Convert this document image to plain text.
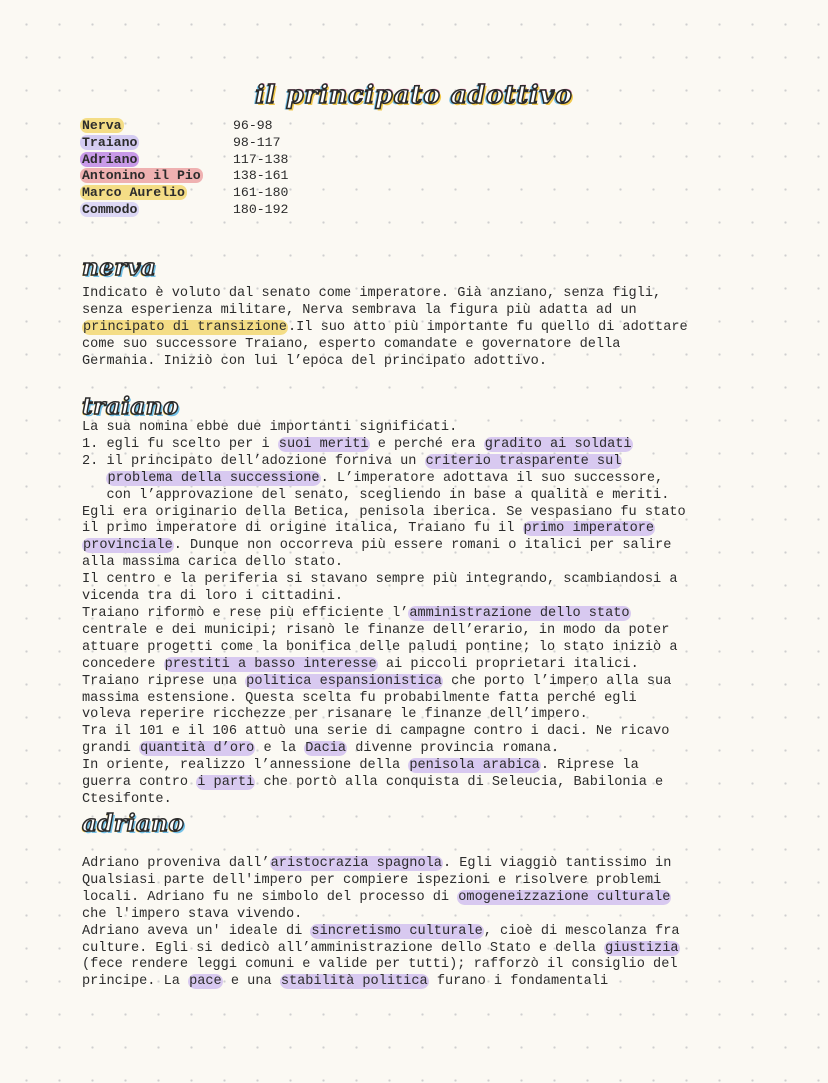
il principato adottivo
Nerva	96-98
Traiano	98-117
Adriano	117-138
Antonino il Pio	138-161
Marco Aurelio	161-180
Commodo	180-192
nerva
Indicato è voluto dal senato come imperatore. Già anziano, senza figli,
senza esperienza militare, Nerva sembrava la figura più adatta ad un
principato di transizione.Il suo atto più importante fu quello di adottare
come suo successore Traiano, esperto comandate e governatore della
Germania. Iniziò con lui l’epoca del principato adottivo.
traiano
La sua nomina ebbe due importanti significati.
1. egli fu scelto per i suoi meriti e perché era gradito ai soldati
2. il principato dell’adozione forniva un criterio trasparente sul
problema della successione. L’imperatore adottava il suo successore,
con l’approvazione del senato, scegliendo in base a qualità e meriti.
Egli era originario della Betica, penisola iberica. Se vespasiano fu stato
il primo imperatore di origine italica, Traiano fu il primo imperatore
provinciale. Dunque non occorreva più essere romani o italici per salire
alla massima carica dello stato.
Il centro e la periferia si stavano sempre più integrando, scambiandosi a
vicenda tra di loro i cittadini.
Traiano riformò e rese più efficiente l’amministrazione dello stato
centrale e dei municipi; risanò le finanze dell’erario, in modo da poter
attuare progetti come la bonifica delle paludi pontine; lo stato iniziò a
concedere prestiti a basso interesse ai piccoli proprietari italici.
Traiano riprese una politica espansionistica che porto l’impero alla sua
massima estensione. Questa scelta fu probabilmente fatta perché egli
voleva reperire ricchezze per risanare le finanze dell’impero.
Tra il 101 e il 106 attuò una serie di campagne contro i daci. Ne ricavo
grandi quantità d’oro e la Dacia divenne provincia romana.
In oriente, realizzo l’annessione della penisola arabica. Riprese la
guerra contro i parti che portò alla conquista di Seleucia, Babilonia e
Ctesifonte.
adriano
Adriano proveniva dall’aristocrazia spagnola. Egli viaggiò tantissimo in
Qualsiasi parte dell'impero per compiere ispezioni e risolvere problemi
locali. Adriano fu ne simbolo del processo di omogeneizzazione culturale
che l'impero stava vivendo.
Adriano aveva un' ideale di sincretismo culturale, cioè di mescolanza fra
culture. Egli si dedicò all’amministrazione dello Stato e della giustizia
(fece rendere leggi comuni e valide per tutti); rafforzò il consiglio del
principe. La pace e una stabilità politica furano i fondamentali
